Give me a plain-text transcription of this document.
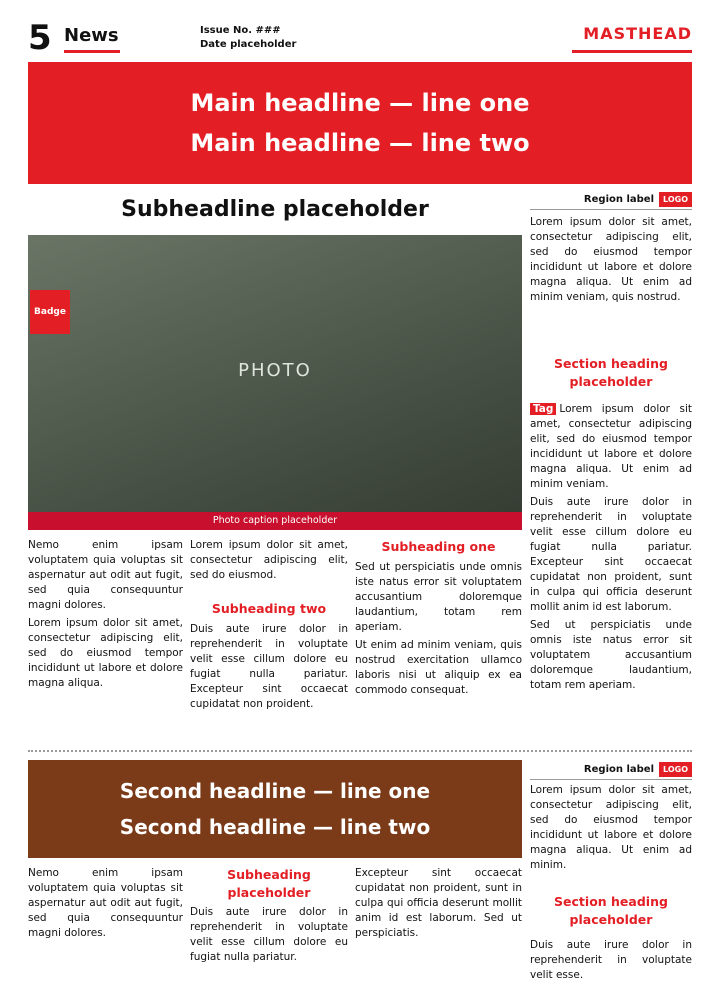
5 News	Issue No. ###
Date placeholder
MASTHEAD
Main headline — line one
Main headline — line two
Subheadline placeholder
PHOTO
Badge
Photo caption placeholder
Region label	LOGO

Lorem ipsum dolor sit amet, consectetur adipiscing elit, sed do eiusmod tempor incididunt ut labore et dolore magna aliqua. Ut enim ad minim veniam, quis nostrud.

Section heading placeholder

Tag Lorem ipsum dolor sit amet, consectetur adipiscing elit, sed do eiusmod tempor incididunt ut labore et dolore magna aliqua. Ut enim ad minim veniam.

Duis aute irure dolor in reprehenderit in voluptate velit esse cillum dolore eu fugiat nulla pariatur. Excepteur sint occaecat cupidatat non proident, sunt in culpa qui officia deserunt mollit anim id est laborum.

Sed ut perspiciatis unde omnis iste natus error sit voluptatem accusantium doloremque laudantium, totam rem aperiam.

Subheading one

Sed ut perspiciatis unde omnis iste natus error sit voluptatem accusantium doloremque laudantium, totam rem aperiam.

Ut enim ad minim veniam, quis nostrud exercitation ullamco laboris nisi ut aliquip ex ea commodo consequat.

Lorem ipsum dolor sit amet, consectetur adipiscing elit, sed do eiusmod.

Subheading two

Duis aute irure dolor in reprehenderit in voluptate velit esse cillum dolore eu fugiat nulla pariatur. Excepteur sint occaecat cupidatat non proident.

Nemo enim ipsam voluptatem quia voluptas sit aspernatur aut odit aut fugit, sed quia consequuntur magni dolores.

Lorem ipsum dolor sit amet, consectetur adipiscing elit, sed do eiusmod tempor incididunt ut labore et dolore magna aliqua.

Second headline — line one
Second headline — line two
Region label	LOGO

Lorem ipsum dolor sit amet, consectetur adipiscing elit, sed do eiusmod tempor incididunt ut labore et dolore magna aliqua. Ut enim ad minim.

Section heading placeholder

Duis aute irure dolor in reprehenderit in voluptate velit esse.

Excepteur sint occaecat cupidatat non proident, sunt in culpa qui officia deserunt mollit anim id est laborum. Sed ut perspiciatis.

Subheading placeholder

Duis aute irure dolor in reprehenderit in voluptate velit esse cillum dolore eu fugiat nulla pariatur.

Nemo enim ipsam voluptatem quia voluptas sit aspernatur aut odit aut fugit, sed quia consequuntur magni dolores.
